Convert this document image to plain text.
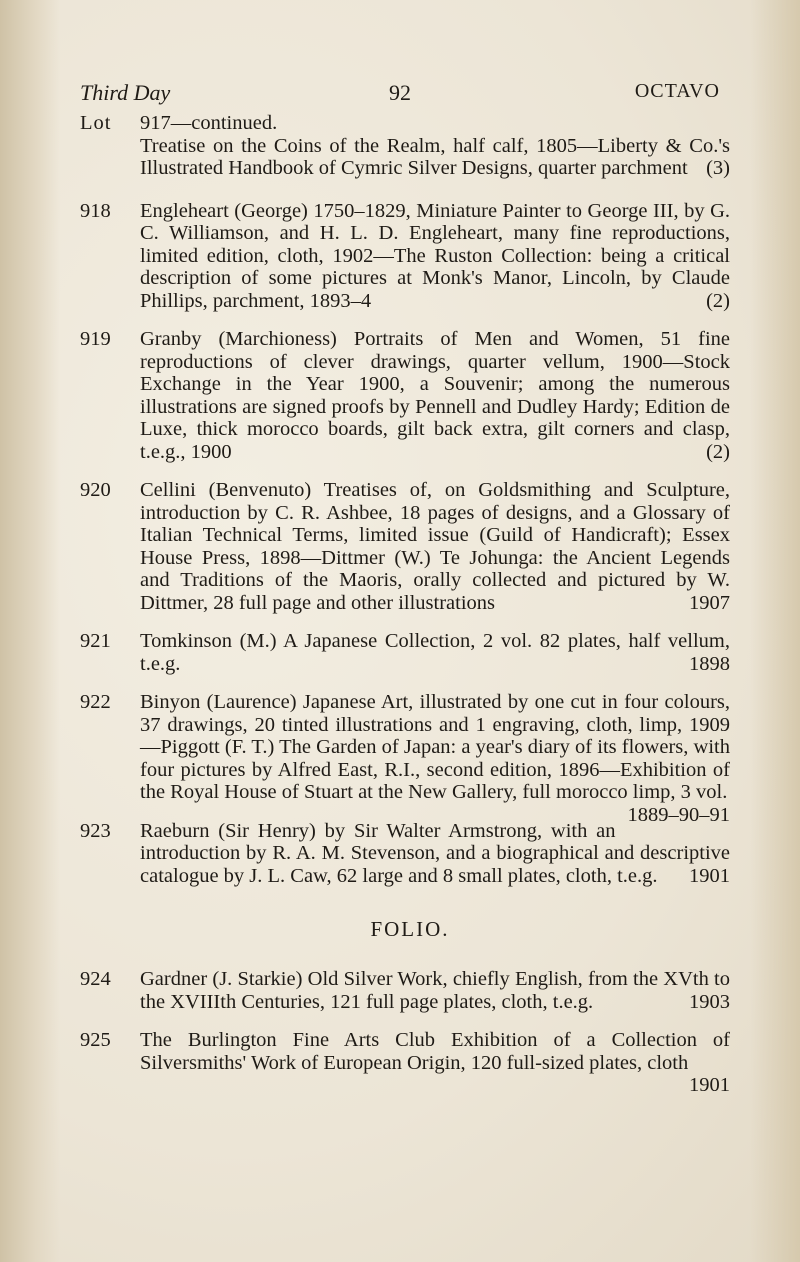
Third Day	92	OCTAVO
Lot 917—continued.
Treatise on the Coins of the Realm, half calf, 1805—Liberty & Co.'s Illustrated Handbook of Cymric Silver Designs, quarter parchment (3)

918 Engleheart (George) 1750–1829, Miniature Painter to George III, by G. C. Williamson, and H. L. D. Engleheart, many fine reproductions, limited edition, cloth, 1902—The Ruston Collection: being a critical description of some pictures at Monk's Manor, Lincoln, by Claude Phillips, parchment, 1893–4	(2)

919 Granby (Marchioness) Portraits of Men and Women, 51 fine reproductions of clever drawings, quarter vellum, 1900—Stock Exchange in the Year 1900, a Souvenir; among the numerous illustrations are signed proofs by Pennell and Dudley Hardy; Edition de Luxe, thick morocco boards, gilt back extra, gilt corners and clasp, t.e.g., 1900	(2)

920 Cellini (Benvenuto) Treatises of, on Goldsmithing and Sculpture, introduction by C. R. Ashbee, 18 pages of designs, and a Glossary of Italian Technical Terms, limited issue (Guild of Handicraft); Essex House Press, 1898—Dittmer (W.) Te Johunga: the Ancient Legends and Traditions of the Maoris, orally collected and pictured by W. Dittmer, 28 full page and other illustrations	1907

921 Tomkinson (M.) A Japanese Collection, 2 vol. 82 plates, half vellum, t.e.g.	1898

922 Binyon (Laurence) Japanese Art, illustrated by one cut in four colours, 37 drawings, 20 tinted illustrations and 1 engraving, cloth, limp, 1909—Piggott (F. T.) The Garden of Japan: a year's diary of its flowers, with four pictures by Alfred East, R.I., second edition, 1896—Exhibition of the Royal House of Stuart at the New Gallery, full morocco limp, 3 vol.
1889–90–91

923 Raeburn (Sir Henry) by Sir Walter Armstrong, with an introduction by R. A. M. Stevenson, and a biographical and descriptive catalogue by J. L. Caw, 62 large and 8 small plates, cloth, t.e.g. 1901

FOLIO.
924 Gardner (J. Starkie) Old Silver Work, chiefly English, from the XVth to the XVIIIth Centuries, 121 full page plates, cloth, t.e.g.	1903

925 The Burlington Fine Arts Club Exhibition of a Collection of Silversmiths' Work of European Origin, 120 full-sized plates, cloth
1901
